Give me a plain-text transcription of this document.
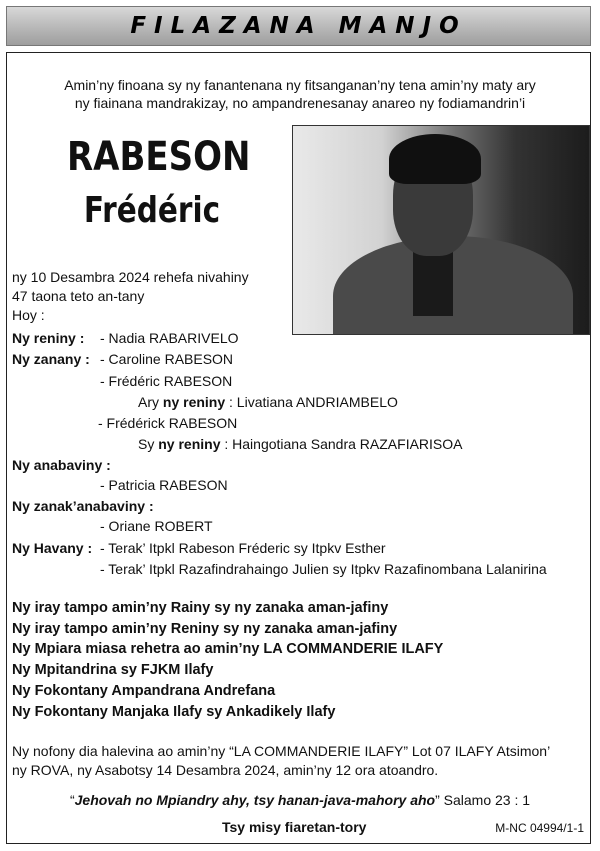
FILAZANA MANJO
Amin’ny finoana sy ny fanantenana ny fitsanganan’ny tena amin’ny maty ary
ny fiainana mandrakizay, no ampandrenesanay anareo ny fodiamandrin’i
RABESON
Frédéric
ny 10 Desambra 2024 rehefa nivahiny
47 taona teto an-tany
Hoy :
Ny reniny : - Nadia RABARIVELO
Ny zanany : - Caroline RABESON
- Frédéric RABESON
Ary ny reniny : Livatiana ANDRIAMBELO
- Frédérick RABESON
Sy ny reniny : Haingotiana Sandra RAZAFIARISOA
Ny anabaviny :
- Patricia RABESON
Ny zanak’anabaviny :
- Oriane ROBERT
Ny Havany : - Terak’ Itpkl Rabeson Fréderic sy Itpkv Esther
- Terak’ Itpkl Razafindrahaingo Julien sy Itpkv Razafinombana Lalanirina
Ny iray tampo amin’ny Rainy sy ny zanaka aman-jafiny
Ny iray tampo amin’ny Reniny sy ny zanaka aman-jafiny
Ny Mpiara miasa rehetra ao amin’ny LA COMMANDERIE ILAFY
Ny Mpitandrina sy FJKM Ilafy
Ny Fokontany Ampandrana Andrefana
Ny Fokontany Manjaka Ilafy sy Ankadikely Ilafy
Ny nofony dia halevina ao amin’ny “LA COMMANDERIE ILAFY” Lot 07 ILAFY Atsimon’
ny ROVA, ny Asabotsy 14 Desambra 2024, amin’ny 12 ora atoandro.
“Jehovah no Mpiandry ahy, tsy hanan-java-mahory aho” Salamo 23 : 1
Tsy misy fiaretan-tory	M-NC 04994/1-1
